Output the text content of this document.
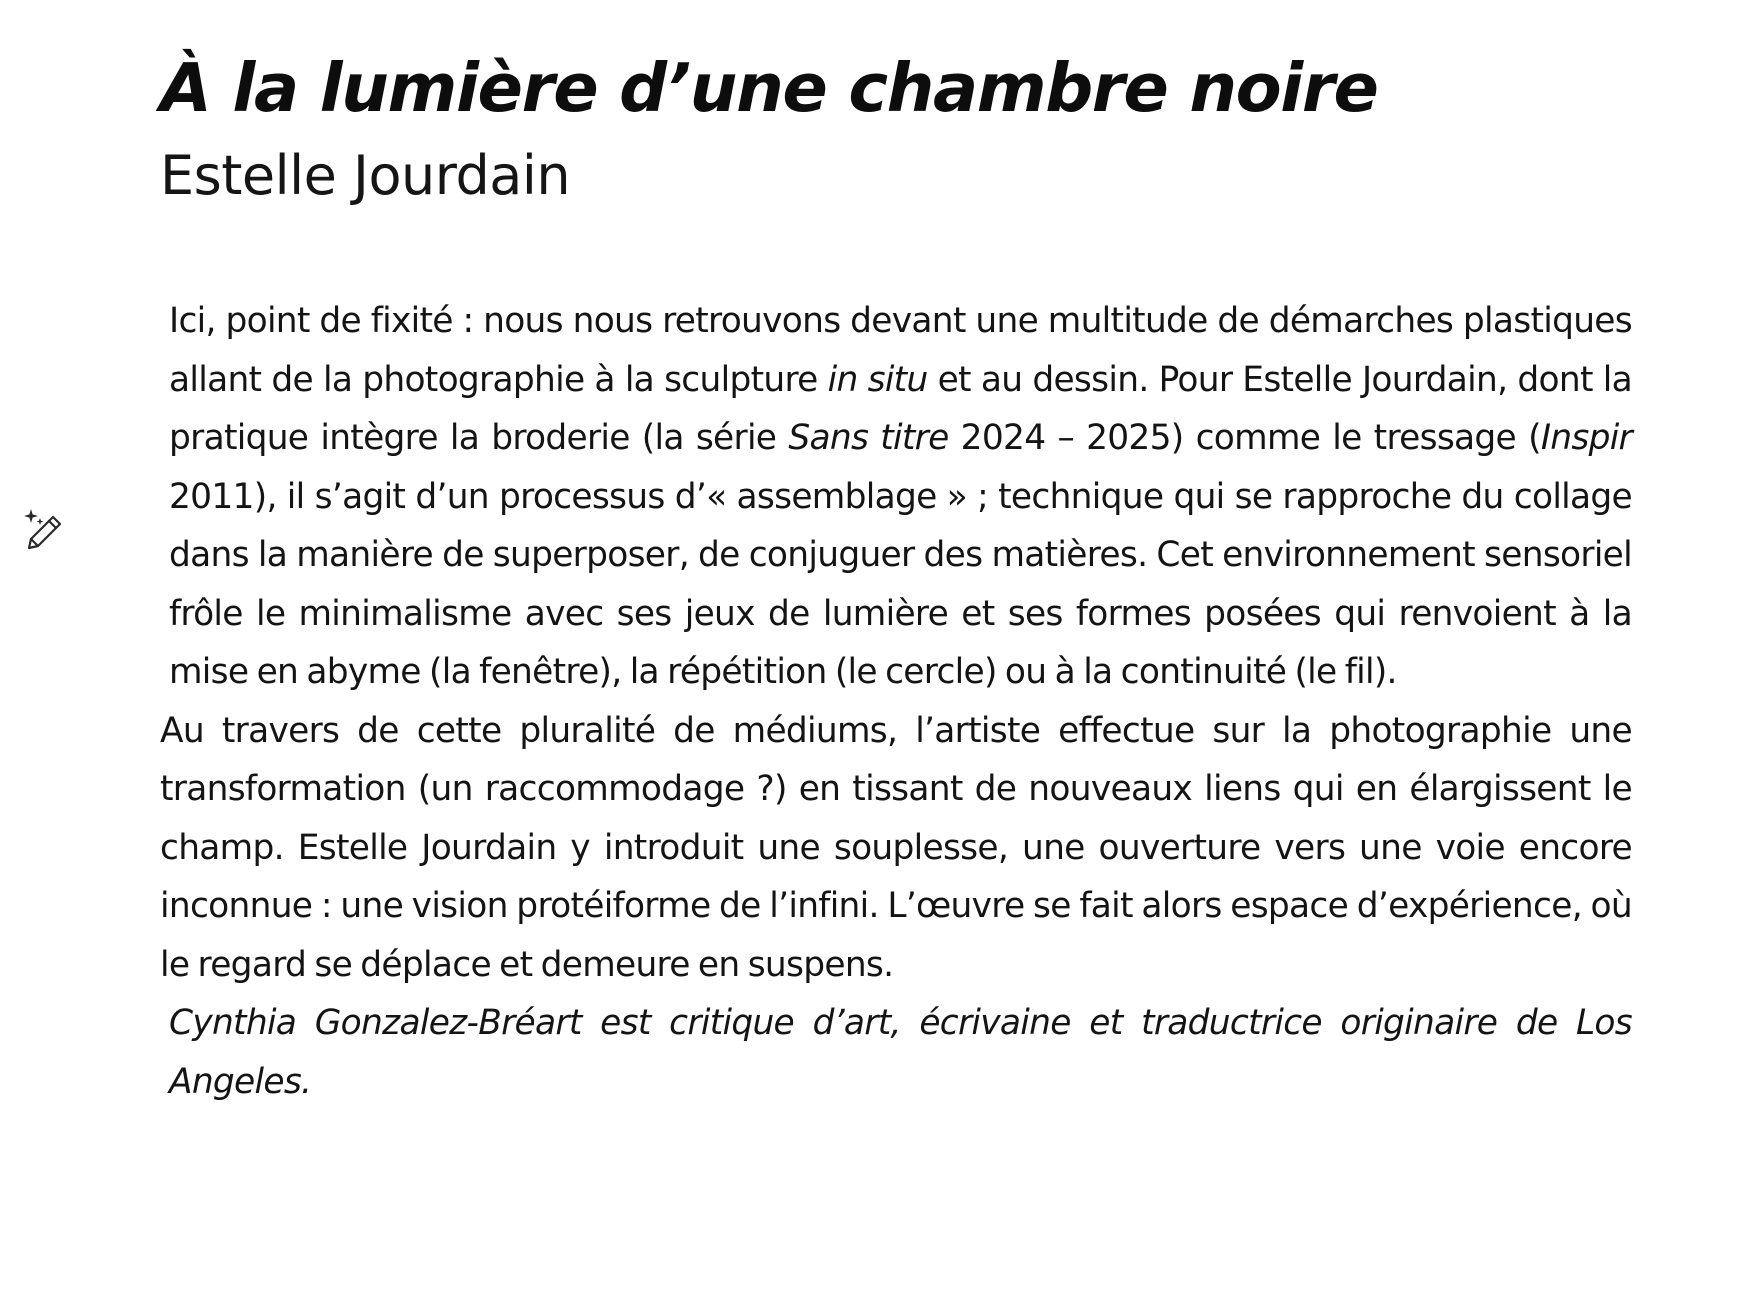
À la lumière d’une chambre noire
Estelle Jourdain

Ici, point de fixité : nous nous retrouvons devant une multitude de démarches plastiques allant de la photographie à la sculpture in situ et au dessin. Pour Estelle Jourdain, dont la pratique intègre la broderie (la série Sans titre 2024 – 2025) comme le tressage (Inspir 2011), il s’agit d’un processus d’« assemblage » ; technique qui se rapproche du collage dans la manière de superposer, de conjuguer des matières. Cet environnement sensoriel frôle le minimalisme avec ses jeux de lumière et ses formes posées qui renvoient à la mise en abyme (la fenêtre), la répétition (le cercle) ou à la continuité (le fil).

Au travers de cette pluralité de médiums, l’artiste effectue sur la photographie une transformation (un raccommodage ?) en tissant de nouveaux liens qui en élargissent le champ. Estelle Jourdain y introduit une souplesse, une ouverture vers une voie encore inconnue : une vision protéiforme de l’infini. L’œuvre se fait alors espace d’expérience, où le regard se déplace et demeure en suspens.

Cynthia Gonzalez-Bréart est critique d’art, écrivaine et traductrice originaire de Los Angeles.
